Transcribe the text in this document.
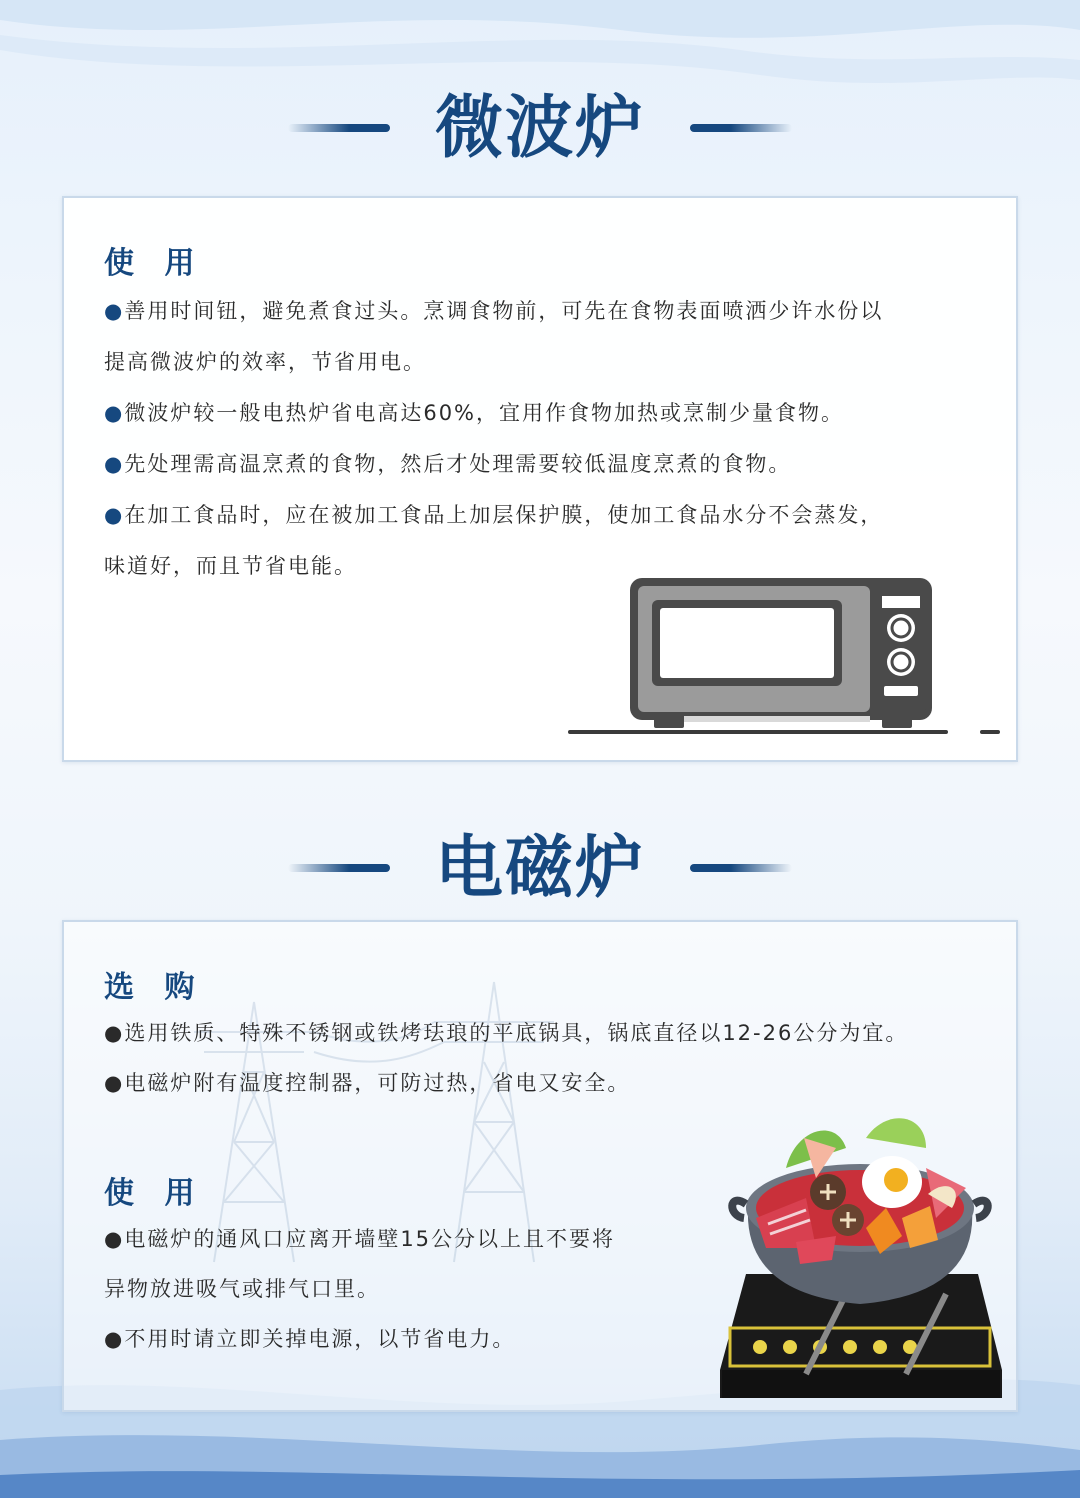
微波炉
使 用
●善用时间钮，避免煮食过头。烹调食物前，可先在食物表面喷洒少许水份以
提高微波炉的效率，节省用电。
●微波炉较一般电热炉省电高达60%，宜用作食物加热或烹制少量食物。
●先处理需高温烹煮的食物，然后才处理需要较低温度烹煮的食物。
●在加工食品时，应在被加工食品上加层保护膜，使加工食品水分不会蒸发，
味道好，而且节省电能。
电磁炉
选 购
●选用铁质、特殊不锈钢或铁烤珐琅的平底锅具，锅底直径以12-26公分为宜。
●电磁炉附有温度控制器，可防过热，省电又安全。
使 用
●电磁炉的通风口应离开墙壁15公分以上且不要将
异物放进吸气或排气口里。
●不用时请立即关掉电源，以节省电力。
